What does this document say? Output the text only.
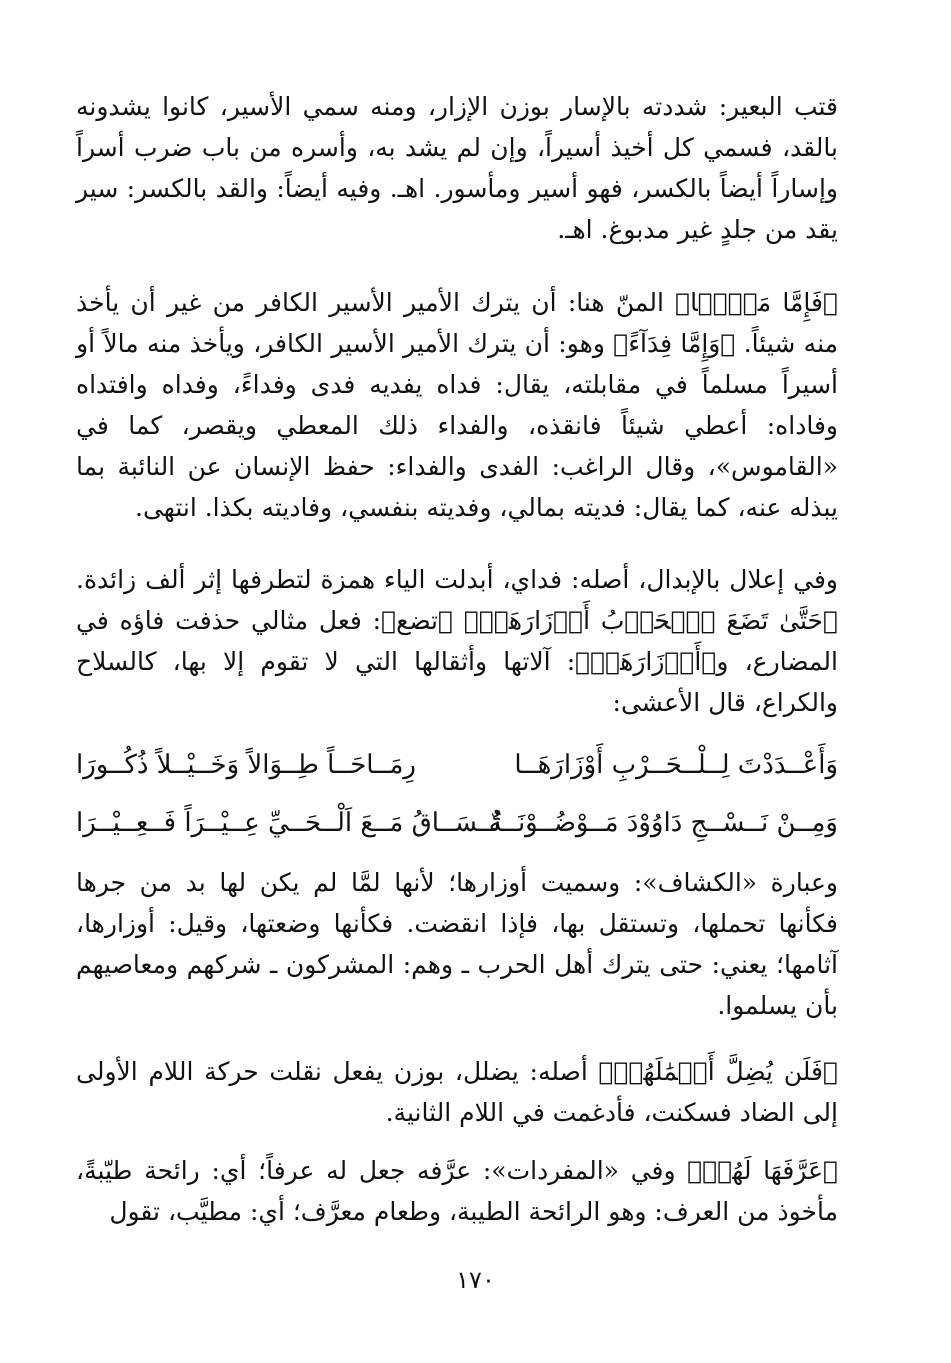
قتب البعير: شددته بالإسار بوزن الإزار، ومنه سمي الأسير، كانوا يشدونه بالقد، فسمي كل أخيذ أسيراً، وإن لم يشد به، وأسره من باب ضرب أسراً وإساراً أيضاً بالكسر، فهو أسير ومأسور. اهـ. وفيه أيضاً: والقد بالكسر: سير يقد من جلدٍ غير مدبوغ. اهـ.

﴿فَإِمَّا مَنًّۢا﴾ المنّ هنا: أن يترك الأمير الأسير الكافر من غير أن يأخذ منه شيئاً. ﴿وَإِمَّا فِدَآءً﴾ وهو: أن يترك الأمير الأسير الكافر، ويأخذ منه مالاً أو أسيراً مسلماً في مقابلته، يقال: فداه يفديه فدى وفداءً، وفداه وافتداه وفاداه: أعطي شيئاً فانقذه، والفداء ذلك المعطي ويقصر، كما في «القاموس»، وقال الراغب: الفدى والفداء: حفظ الإنسان عن النائبة بما يبذله عنه، كما يقال: فديته بمالي، وفديته بنفسي، وفاديته بكذا. انتهى.

وفي إعلال بالإبدال، أصله: فداي، أبدلت الياء همزة لتطرفها إثر ألف زائدة. ﴿حَتَّىٰ تَضَعَ ٱلۡحَرۡبُ أَوۡزَارَهَاۚ﴾ ﴿تضع﴾: فعل مثالي حذفت فاؤه في المضارع، و﴿أَوۡزَارَهَاۚ﴾: آلاتها وأثقالها التي لا تقوم إلا بها، كالسلاح والكراع، قال الأعشى:

وَأَعْــدَدْتَ لِــلْــحَــرْبِ أَوْزَارَهَــا
رِمَــاحَــاً طِــوَالاً وَخَــيْــلاً ذُكُــورَا
وَمِــنْ نَــسْــجِ دَاوُوْدَ مَــوْضُــوْنَــةٌ
تُــسَــاقُ مَــعَ اَلْــحَــيِّ عِــيْــرَاً فَــعِــيْــرَا

وعبارة «الكشاف»: وسميت أوزارها؛ لأنها لمَّا لم يكن لها بد من جرها فكأنها تحملها، وتستقل بها، فإذا انقضت. فكأنها وضعتها، وقيل: أوزارها، آثامها؛ يعني: حتى يترك أهل الحرب ـ وهم: المشركون ـ شركهم ومعاصيهم بأن يسلموا.

﴿فَلَن يُضِلَّ أَعۡمَٰلَهُمۡ﴾ أصله: يضلل، بوزن يفعل نقلت حركة اللام الأولى إلى الضاد فسكنت، فأدغمت في اللام الثانية.

﴿عَرَّفَهَا لَهُمۡ﴾ وفي «المفردات»: عرَّفه جعل له عرفاً؛ أي: رائحة طيّبةً، مأخوذ من العرف: وهو الرائحة الطيبة، وطعام معرَّف؛ أي: مطيَّب، تقول

١٧٠
